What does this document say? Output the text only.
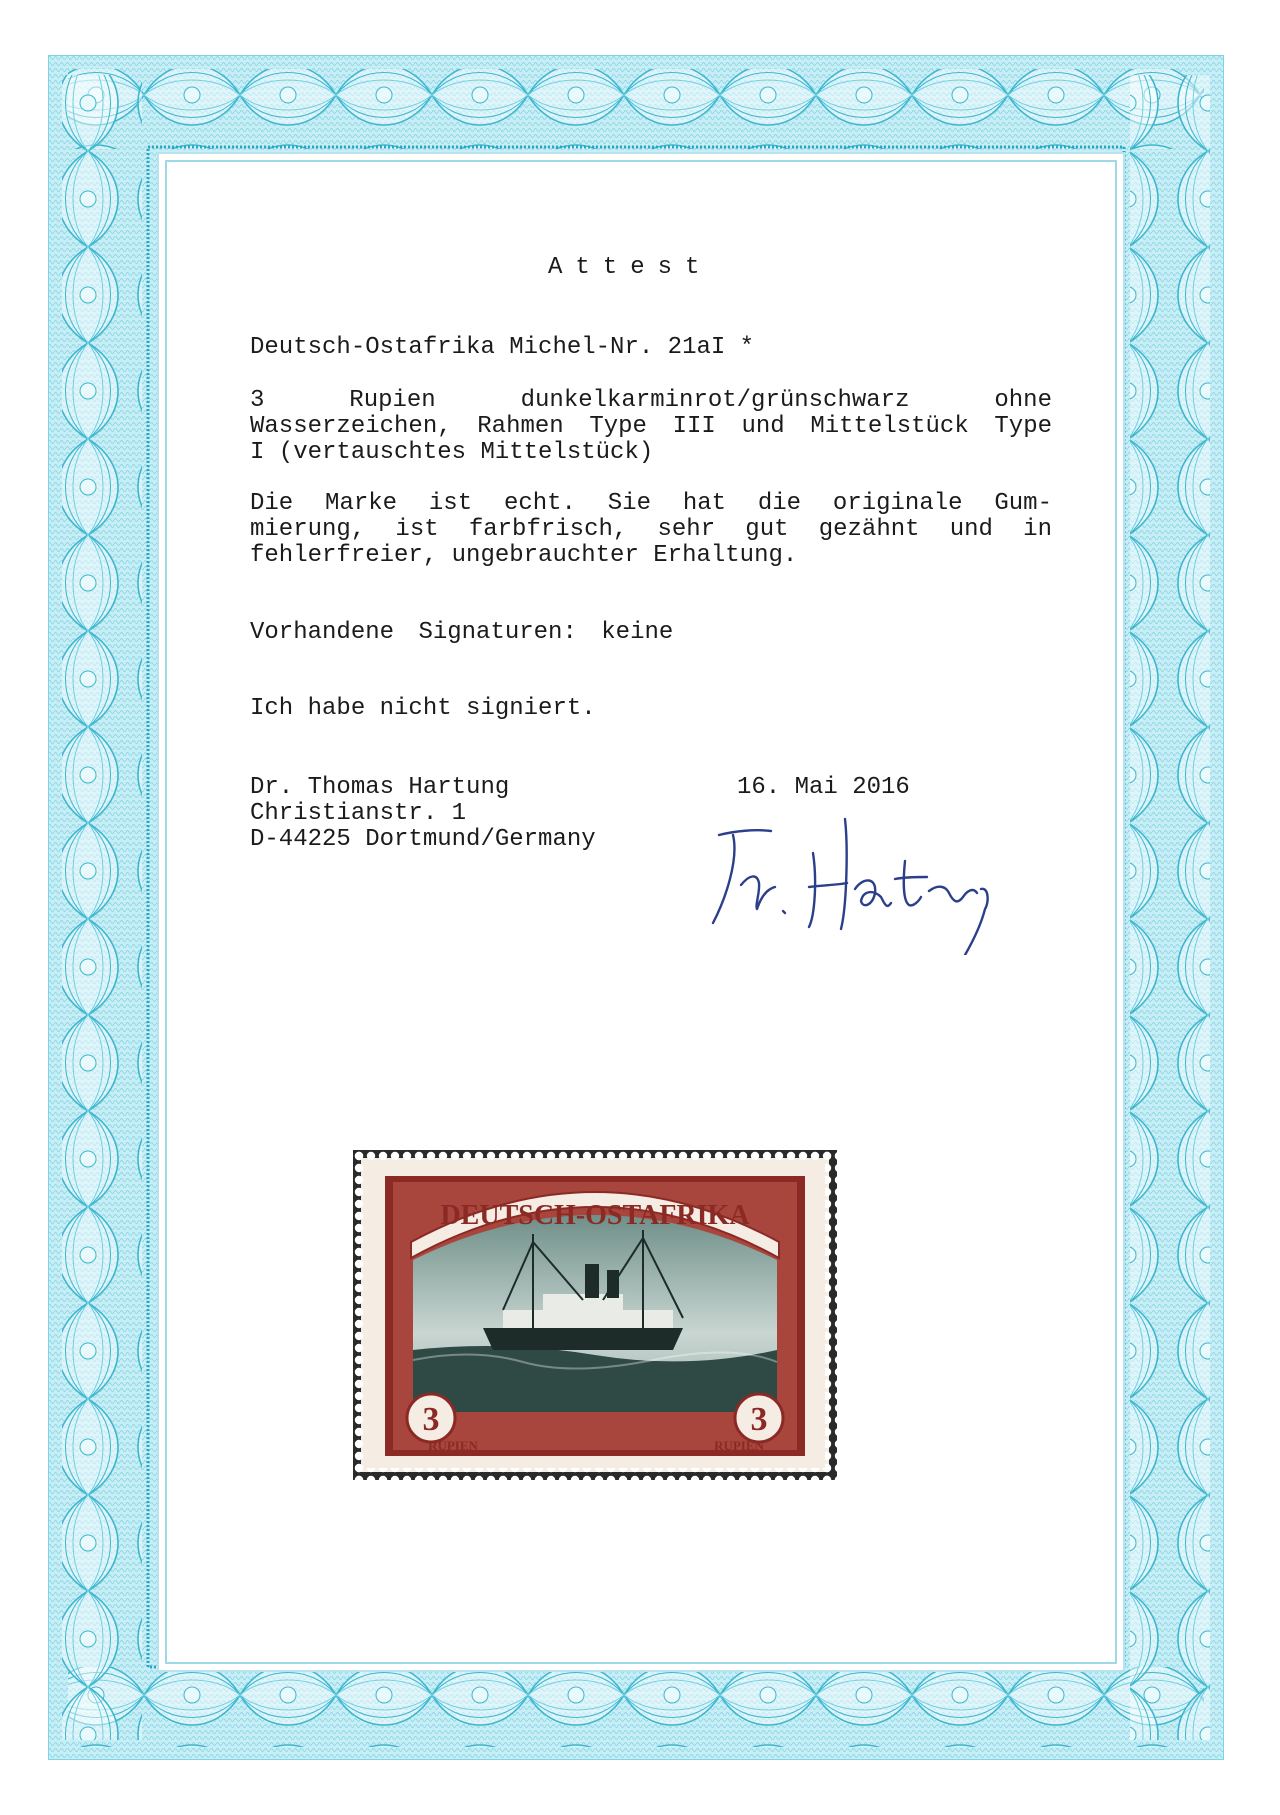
Attest
Deutsch-Ostafrika Michel-Nr. 21aI *
3	Rupien	dunkelkarminrot/grünschwarz	ohne
Wasserzeichen, Rahmen Type III und Mittelstück Type
I (vertauschtes Mittelstück)
Die Marke ist echt. Sie hat die originale Gum-
mierung, ist farbfrisch, sehr gut gezähnt und in
fehlerfreier, ungebrauchter Erhaltung.
Vorhandene Signaturen: keine
Ich habe nicht signiert.
Dr. Thomas Hartung
Christianstr. 1
D-44225 Dortmund/Germany
16. Mai 2016
DEUTSCH-OSTAFRIKA
3	3
RUPIEN	RUPIEN
